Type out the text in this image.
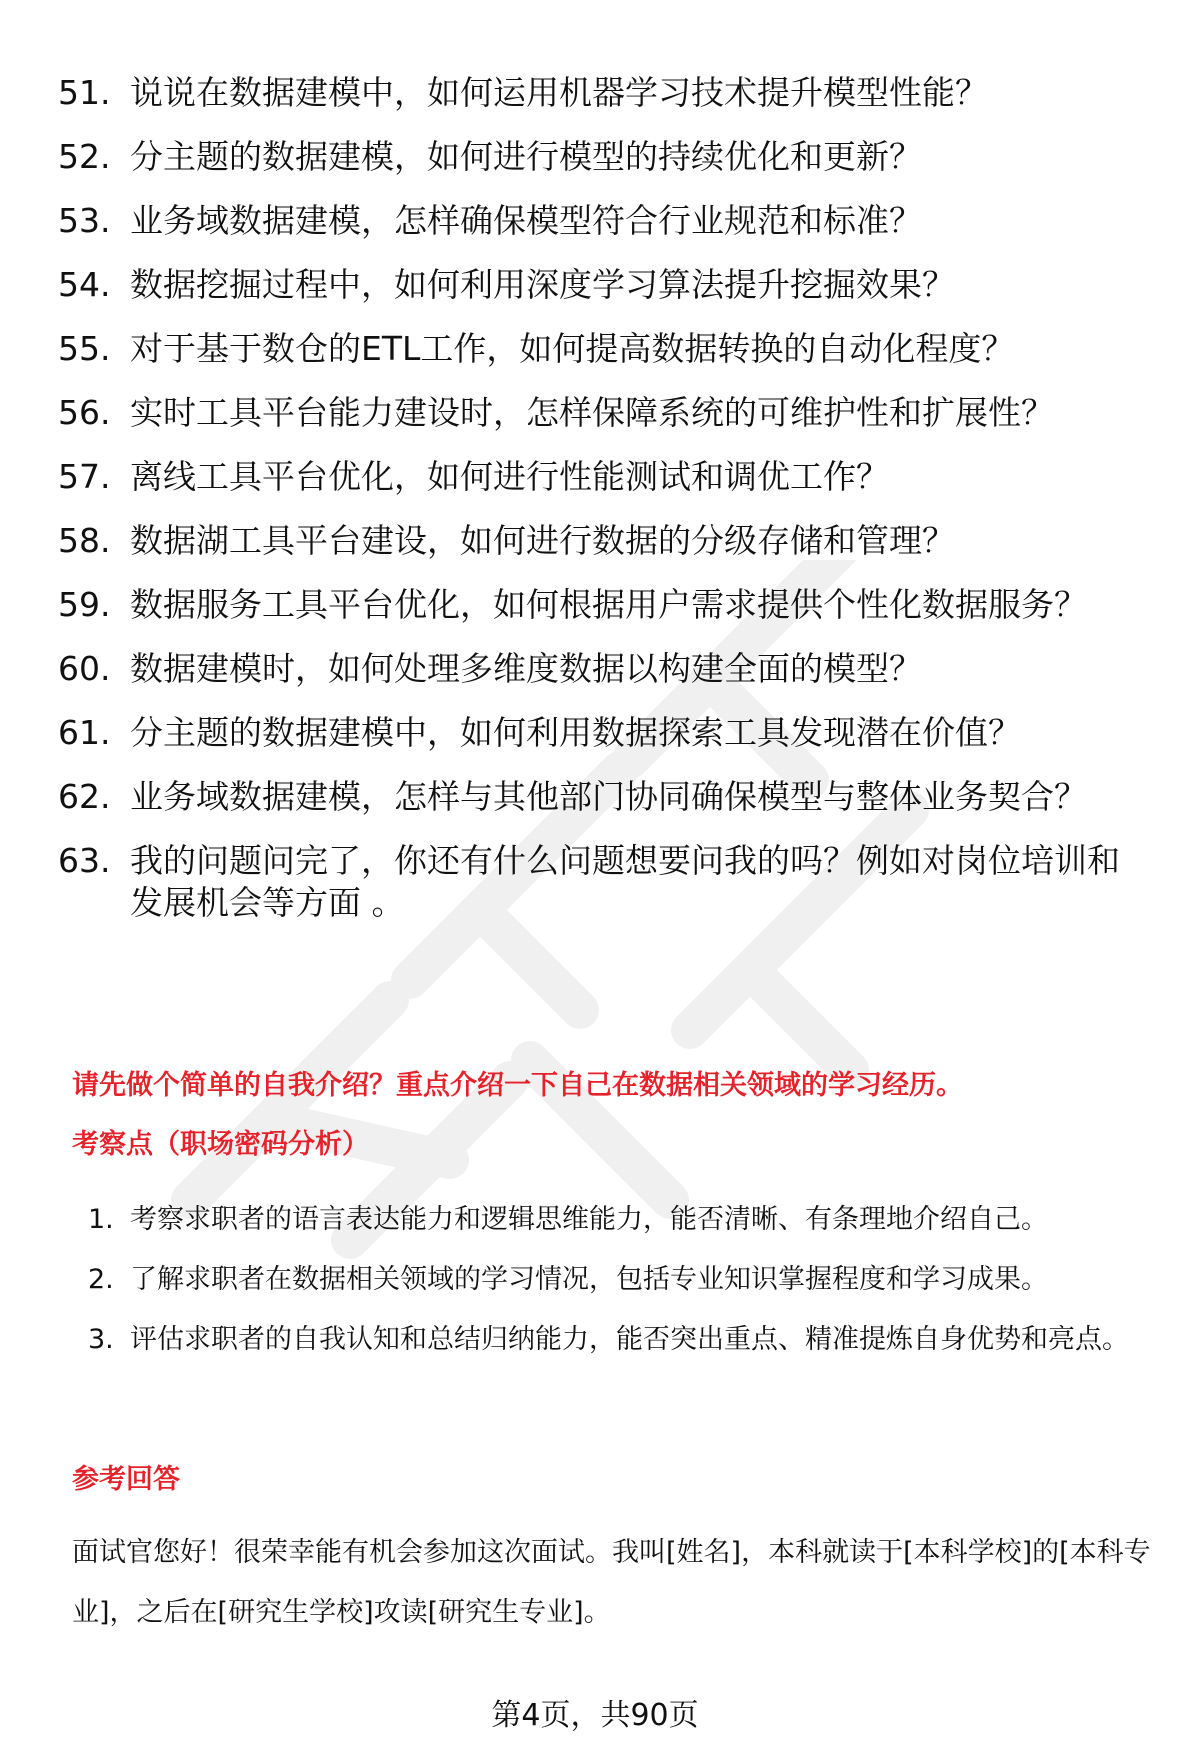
51. 说说在数据建模中，如何运用机器学习技术提升模型性能？
52. 分主题的数据建模，如何进行模型的持续优化和更新？
53. 业务域数据建模，怎样确保模型符合行业规范和标准？
54. 数据挖掘过程中，如何利用深度学习算法提升挖掘效果？
55. 对于基于数仓的ETL工作，如何提高数据转换的自动化程度？
56. 实时工具平台能力建设时，怎样保障系统的可维护性和扩展性？
57. 离线工具平台优化，如何进行性能测试和调优工作？
58. 数据湖工具平台建设，如何进行数据的分级存储和管理？
59. 数据服务工具平台优化，如何根据用户需求提供个性化数据服务？
60. 数据建模时，如何处理多维度数据以构建全面的模型？
61. 分主题的数据建模中，如何利用数据探索工具发现潜在价值？
62. 业务域数据建模，怎样与其他部门协同确保模型与整体业务契合？
63. 我的问题问完了，你还有什么问题想要问我的吗？例如对岗位培训和发展机会等方面 。
请先做个简单的自我介绍？重点介绍一下自己在数据相关领域的学习经历。
考察点（职场密码分析）
1. 考察求职者的语言表达能力和逻辑思维能力，能否清晰、有条理地介绍自己。
2. 了解求职者在数据相关领域的学习情况，包括专业知识掌握程度和学习成果。
3. 评估求职者的自我认知和总结归纳能力，能否突出重点、精准提炼自身优势和亮点。
参考回答
面试官您好！很荣幸能有机会参加这次面试。我叫[姓名]，本科就读于[本科学校]的[本科专业]，之后在[研究生学校]攻读[研究生专业]。
第4页，共90页
